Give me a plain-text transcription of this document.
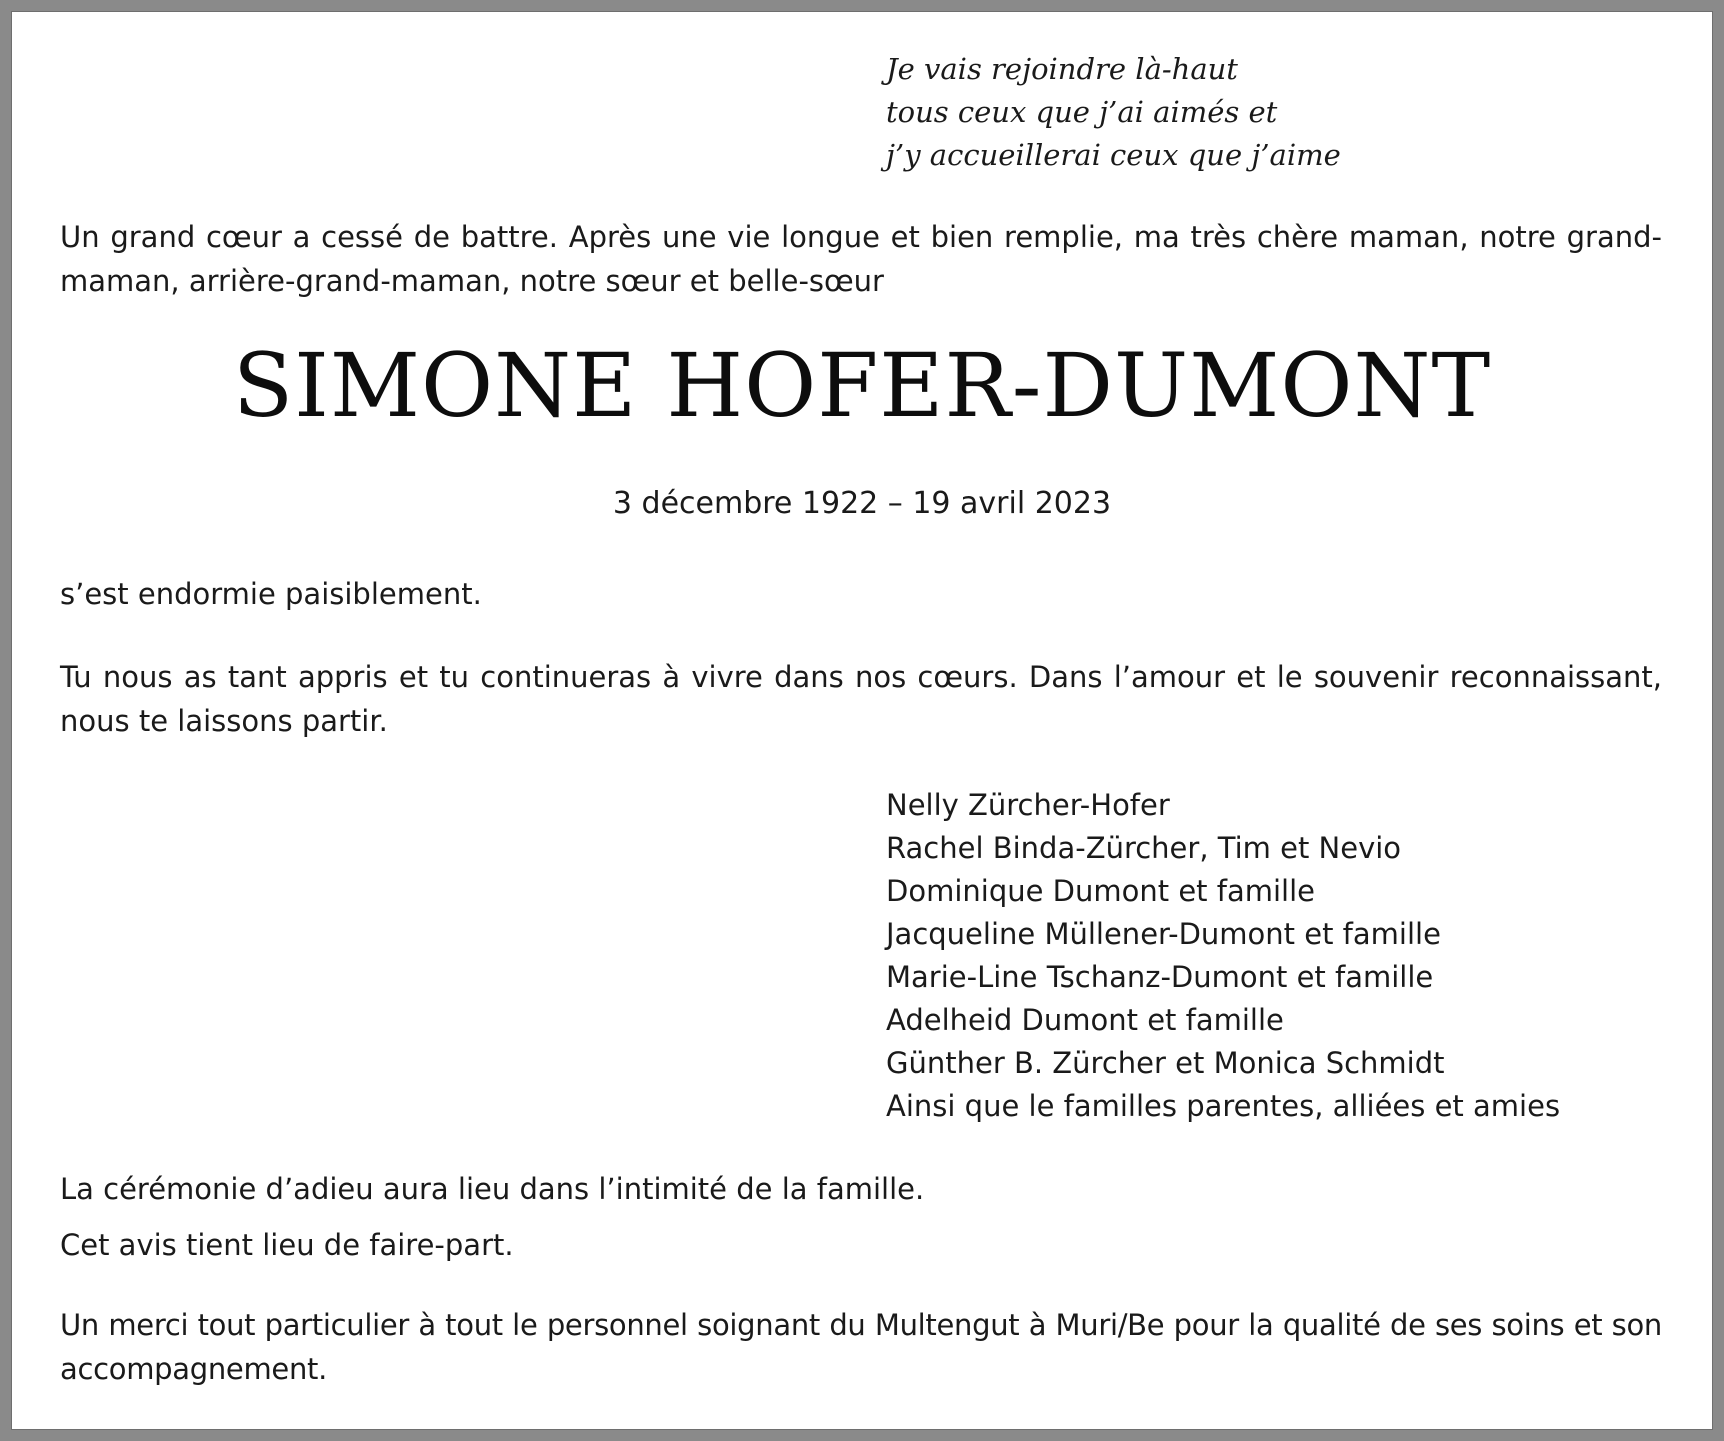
Je vais rejoindre là-haut
tous ceux que j’ai aimés et
j’y accueillerai ceux que j’aime
Un grand cœur a cessé de battre. Après une vie longue et bien remplie, ma très chère maman, notre grand-maman, arrière-grand-maman, notre sœur et belle-sœur
SIMONE HOFER-DUMONT
3 décembre 1922 – 19 avril 2023
s’est endormie paisiblement.
Tu nous as tant appris et tu continueras à vivre dans nos cœurs. Dans l’amour et le souvenir reconnaissant, nous te laissons partir.
Nelly Zürcher-Hofer
Rachel Binda-Zürcher, Tim et Nevio
Dominique Dumont et famille
Jacqueline Müllener-Dumont et famille
Marie-Line Tschanz-Dumont et famille
Adelheid Dumont et famille
Günther B. Zürcher et Monica Schmidt
Ainsi que le familles parentes, alliées et amies
La cérémonie d’adieu aura lieu dans l’intimité de la famille.
Cet avis tient lieu de faire-part.
Un merci tout particulier à tout le personnel soignant du Multengut à Muri/Be pour la qualité de ses soins et son accompagnement.
